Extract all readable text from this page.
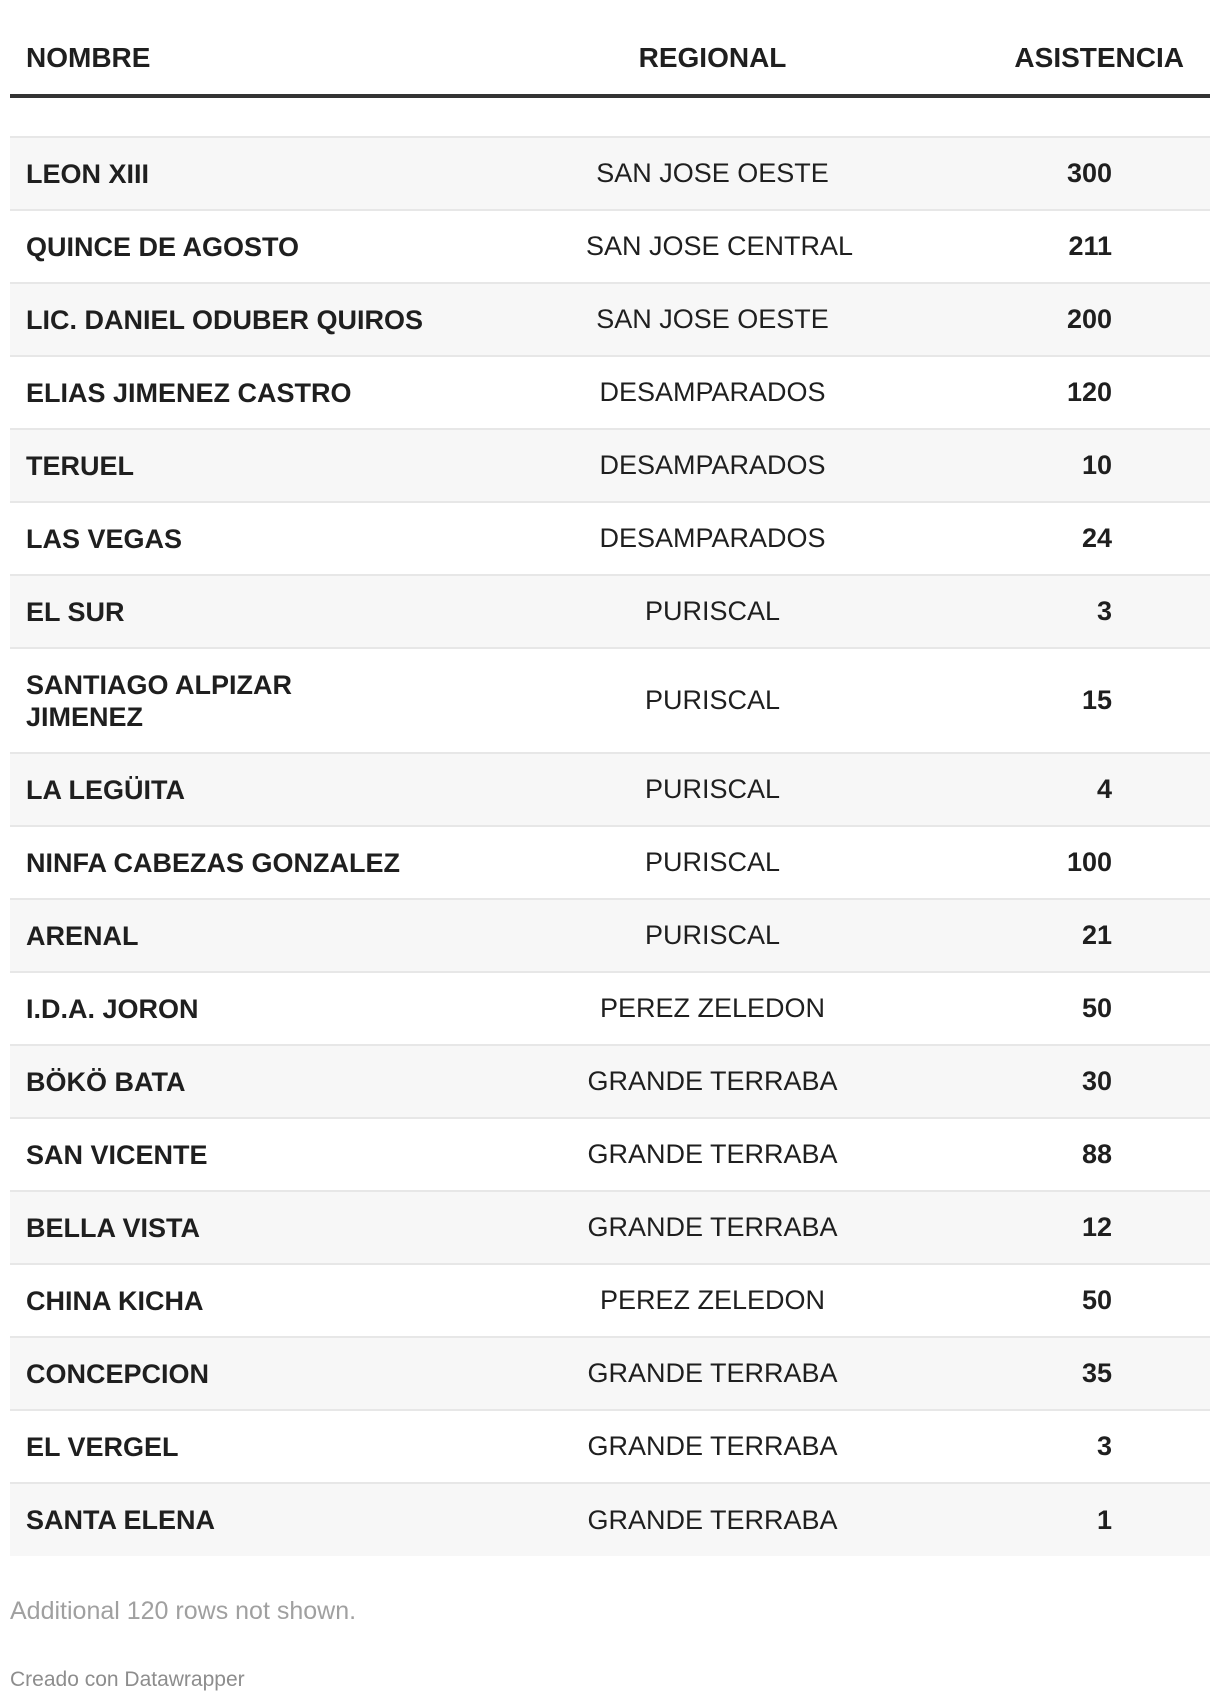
NOMBRE	REGIONAL	ASISTENCIA

LEON XIII	SAN JOSE OESTE	300
QUINCE DE AGOSTO	SAN JOSE CENTRAL	211
LIC. DANIEL ODUBER QUIROS	SAN JOSE OESTE	200
ELIAS JIMENEZ CASTRO	DESAMPARADOS	120
TERUEL	DESAMPARADOS	10
LAS VEGAS	DESAMPARADOS	24
EL SUR	PURISCAL	3

SANTIAGO ALPIZAR JIMENEZ	PURISCAL	15
LA LEGÜITA	PURISCAL	4
NINFA CABEZAS GONZALEZ	PURISCAL	100
ARENAL	PURISCAL	21
I.D.A. JORON	PEREZ ZELEDON	50
BÖKÖ BATA	GRANDE TERRABA	30
SAN VICENTE	GRANDE TERRABA	88
BELLA VISTA	GRANDE TERRABA	12
CHINA KICHA	PEREZ ZELEDON	50
CONCEPCION	GRANDE TERRABA	35
EL VERGEL	GRANDE TERRABA	3
SANTA ELENA	GRANDE TERRABA	1
Additional 120 rows not shown.
Creado con Datawrapper
